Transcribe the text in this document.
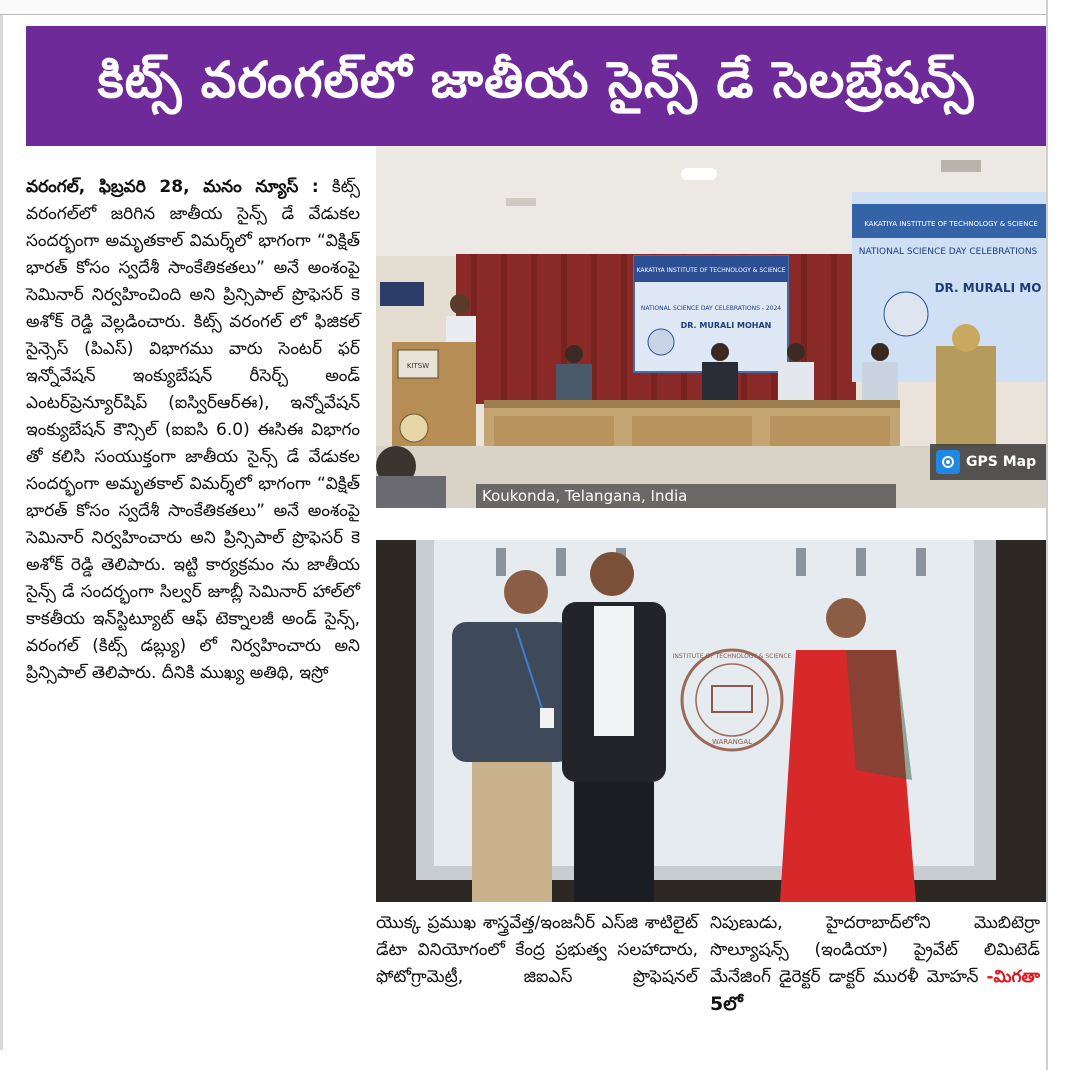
కిట్స్ వరంగల్‌లో జాతీయ సైన్స్ డే సెలబ్రేషన్స్

వరంగల్, ఫిబ్రవరి 28, మనం న్యూస్ : కిట్స్ వరంగల్‌లో జరిగిన జాతీయ సైన్స్ డే వేడుకల సందర్భంగా అమృతకాల్ విమర్శ్‌లో భాగంగా “విక్షిత్ భారత్ కోసం స్వదేశీ సాంకేతికతలు” అనే అంశంపై సెమినార్ నిర్వహించింది అని ప్రిన్సిపాల్ ప్రొఫెసర్ కె అశోక్ రెడ్డి వెల్లడించారు. కిట్స్ వరంగల్ లో ఫిజికల్ సైన్సెస్ (పిఎస్) విభాగము వారు సెంటర్ ఫర్ ఇన్నోవేషన్ ఇంక్యుబేషన్ రీసెర్చ్ అండ్ ఎంటర్‌ప్రెన్యూర్‌షిప్ (ఐస్విర్‌ఆర్‌ఈ), ఇన్నోవేషన్ ఇంక్యుబేషన్ కౌన్సిల్ (ఐఐసి 6.0) ఈసిఈ విభాగం తో కలిసి సంయుక్తంగా జాతీయ సైన్స్ డే వేడుకల సందర్భంగా అమృతకాల్ విమర్శ్‌లో భాగంగా “విక్షిత్ భారత్ కోసం స్వదేశీ సాంకేతికతలు” అనే అంశంపై సెమినార్ నిర్వహించారు అని ప్రిన్సిపాల్ ప్రొఫెసర్ కె అశోక్ రెడ్డి తెలిపారు. ఇట్టి కార్యక్రమం ను జాతీయ సైన్స్ డే సందర్భంగా సిల్వర్ జూబ్లీ సెమినార్ హాల్‌లో కాకతీయ ఇన్‌స్టిట్యూట్ ఆఫ్ టెక్నాలజీ అండ్ సైన్స్, వరంగల్ (కిట్స్ డబ్ల్యు) లో నిర్వహించారు అని ప్రిన్సిపాల్ తెలిపారు. దీనికి ముఖ్య అతిథి, ఇస్రో

KAKATIYA INSTITUTE OF TECHNOLOGY & SCIENCE
NATIONAL SCIENCE DAY CELEBRATIONS - 2024
DR. MURALI MOHAN
KAKATIYA INSTITUTE OF TECHNOLOGY & SCIENCE
NATIONAL SCIENCE DAY CELEBRATIONS
DR. MURALI MO
KITSW
Koukonda, Telangana, India
GPS Map
INSTITUTE OF TECHNOLOGY & SCIENCE
WARANGAL

యొక్క ప్రముఖ శాస్త్రవేత్త/ఇంజనీర్ ఎస్‌జి శాటిలైట్ డేటా వినియోగంలో కేంద్ర ప్రభుత్వ సలహాదారు, ఫోటో‌గ్రామెట్రీ, జిఐఎస్ ప్రొఫెషనల్

నిపుణుడు, హైదరాబాద్‌లోని మొబిటెర్రా సొల్యూషన్స్ (ఇండియా) ప్రైవేట్ లిమిటెడ్ మేనేజింగ్ డైరెక్టర్ డాక్టర్ మురళీ మోహన్ -మిగతా 5లో
